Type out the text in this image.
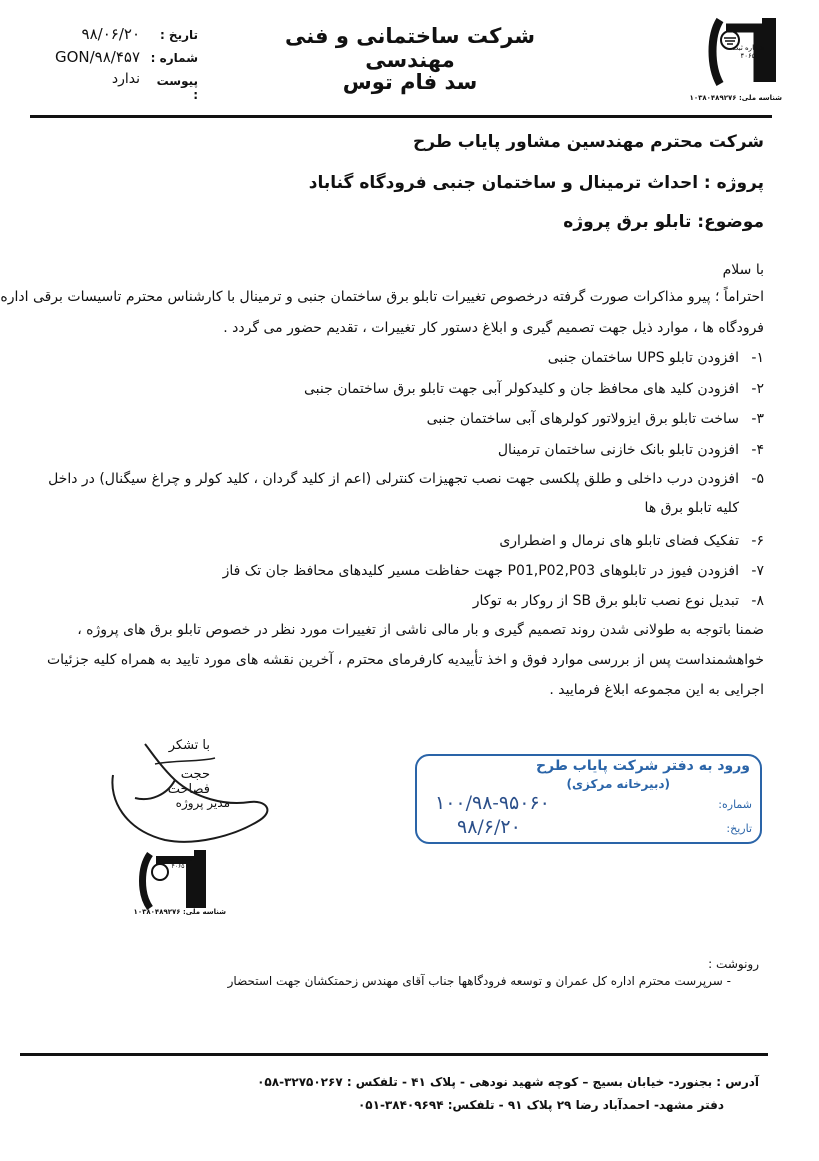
شرکت ساختمانی و فنی مهندسی
سد فام توس
شماره ثبت ۴۰۶۵
شناسه ملی: ۱۰۳۸۰۴۸۹۲۷۶
تاریخ :
۹۸/۰۶/۲۰
شماره :
GON/۹۸/۴۵۷
پیوست :
ندارد
شرکت محترم مهندسین مشاور پایاب طرح
پروژه : احداث ترمینال و ساختمان جنبی فرودگاه گناباد
موضوع: تابلو برق پروژه
با سلام
احتراماً ؛ پیرو مذاکرات صورت گرفته درخصوص تغییرات تابلو برق ساختمان جنبی و ترمینال با کارشناس محترم تاسیسات برقی اداره
فرودگاه ها ، موارد ذیل جهت تصمیم گیری و ابلاغ دستور کار تغییرات ، تقدیم حضور می گردد .
۱-
افزودن تابلو UPS ساختمان جنبی
۲-
افزودن کلید های محافظ جان و کلیدکولر آبی جهت تابلو برق ساختمان جنبی
۳-
ساخت تابلو برق ایزولاتور کولرهای آبی ساختمان جنبی
۴-
افزودن تابلو بانک خازنی ساختمان ترمینال
۵-
افزودن درب داخلی و طلق پلکسی جهت نصب تجهیزات کنترلی (اعم از کلید گردان ، کلید کولر و چراغ سیگنال) در داخل
کلیه تابلو برق ها
۶-
تفکیک فضای تابلو های نرمال و اضطراری
۷-
افزودن فیوز در تابلوهای P01,P02,P03 جهت حفاظت مسیر کلیدهای محافظ جان تک فاز
۸-
تبدیل نوع نصب تابلو برق SB از روکار به توکار
ضمنا باتوجه به طولانی شدن روند تصمیم گیری و بار مالی ناشی از تغییرات مورد نظر در خصوص تابلو برق های پروژه ،
خواهشمنداست پس از بررسی موارد فوق و اخذ تأییدیه کارفرمای محترم ، آخرین نقشه های مورد تایید به همراه کلیه جزئیات
اجرایی به این مجموعه ابلاغ فرمایید .
با تشکر
حجت فصاحت
مدیر پروژه
شماره ثبت ۴۰۶۵
شناسه ملی: ۱۰۳۸۰۴۸۹۲۷۶
ورود به دفتر شرکت پایاب طرح
(دبیرخانه مرکزی)
شماره:
۱۰۰/۹۸-۹۵۰۶۰
تاریخ:
۹۸/۶/۲۰
رونوشت :
- سرپرست محترم اداره کل عمران و توسعه فرودگاهها جناب آقای مهندس زحمتکشان جهت استحضار
آدرس : بجنورد- خیابان بسیج – کوچه شهید نودهی - پلاک ۴۱ - تلفکس : ۳۲۷۵۰۲۶۷-۰۵۸
دفتر مشهد- احمدآباد رضا ۲۹ پلاک ۹۱ - تلفکس: ۳۸۴۰۹۶۹۴-۰۵۱
